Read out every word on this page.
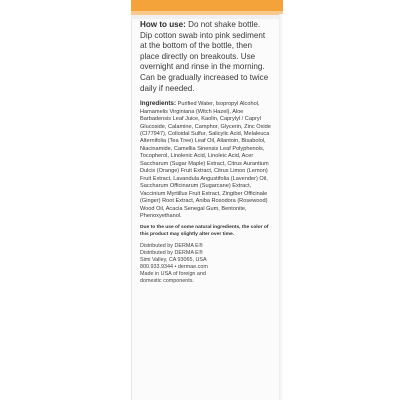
How to use: Do not shake bottle. Dip cotton swab into pink sediment at the bottom of the bottle, then place directly on breakouts. Use overnight and rinse in the morning. Can be gradually increased to twice daily if needed.

Ingredients: Purified Water, Isopropyl Alcohol, Hamamelis Virginiana (Witch Hazel), Aloe Barbadensis Leaf Juice, Kaolin, Caprylyl / Capryl Glucoside, Calamine, Camphor, Glycerin, Zinc Oxide (CI77947), Colloidal Sulfur, Salicylic Acid, Melaleuca Alternifolia (Tea Tree) Leaf Oil, Allantoin, Bisabolol, Niacinamide, Camellia Sinensis Leaf Polyphenols, Tocopherol, Linolenic Acid, Linoleic Acid, Acer Saccharum (Sugar Maple) Extract, Citrus Aurantium Dulcis (Orange) Fruit Extract, Citrus Limon (Lemon) Fruit Extract, Lavandula Angustifolia (Lavender) Oil, Saccharum Officinarum (Sugarcane) Extract, Vaccinium Myrtillus Fruit Extract, Zingiber Officinale (Ginger) Root Extract, Aniba Rosodora (Rosewood) Wood Oil, Acacia Senegal Gum, Bentonite, Phenoxyethanol.

Due to the use of some natural ingredients, the color of this product may slightly alter over time.

Distributed by DERMA E®
Distributed by DERMA E®
Simi Valley, CA 93065, USA
800.933.9344 • dermae.com
Made in USA of foreign and
domestic components.
